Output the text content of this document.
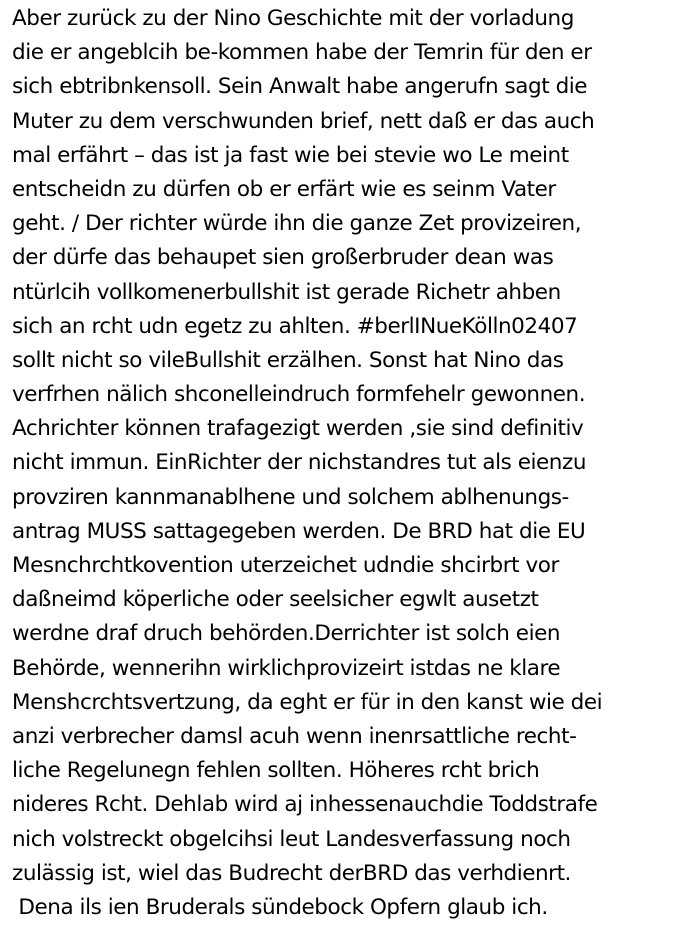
Aber zurück zu der Nino Geschichte mit der vorladung
die er angeblcih be-kommen habe der Temrin für den er
sich ebtribnkensoll. Sein Anwalt habe angerufn sagt die
Muter zu dem verschwunden brief, nett daß er das auch
mal erfährt – das ist ja fast wie bei stevie wo Le meint
entscheidn zu dürfen ob er erfärt wie es seinm Vater
geht. / Der richter würde ihn die ganze Zet provizeiren,
der dürfe das behaupet sien großerbruder dean was
ntürlcih vollkomenerbullshit ist gerade Richetr ahben
sich an rcht udn egetz zu ahlten. #berlINueKölln02407
sollt nicht so vileBullshit erzälhen. Sonst hat Nino das
verfrhen nälich shconelleindruch formfehelr gewonnen.
Achrichter können trafagezigt werden ,sie sind definitiv
nicht immun. EinRichter der nichstandres tut als eienzu
provziren kannmanablhene und solchem ablhenungs-
antrag MUSS sattagegeben werden. De BRD hat die EU
Mesnchrchtkovention uterzeichet udndie shcirbrt vor
daßneimd köperliche oder seelsicher egwlt ausetzt
werdne draf druch behörden.Derrichter ist solch eien
Behörde, wennerihn wirklichprovizeirt istdas ne klare
Menshcrchtsvertzung, da eght er für in den kanst wie dei
anzi verbrecher damsl acuh wenn inenrsattliche recht-
liche Regelunegn fehlen sollten. Höheres rcht brich
nideres Rcht. Dehlab wird aj inhessenauchdie Toddstrafe
nich volstreckt obgelcihsi leut Landesverfassung noch
zulässig ist, wiel das Budrecht derBRD das verhdienrt.
Dena ils ien Bruderals sündebock Opfern glaub ich.
